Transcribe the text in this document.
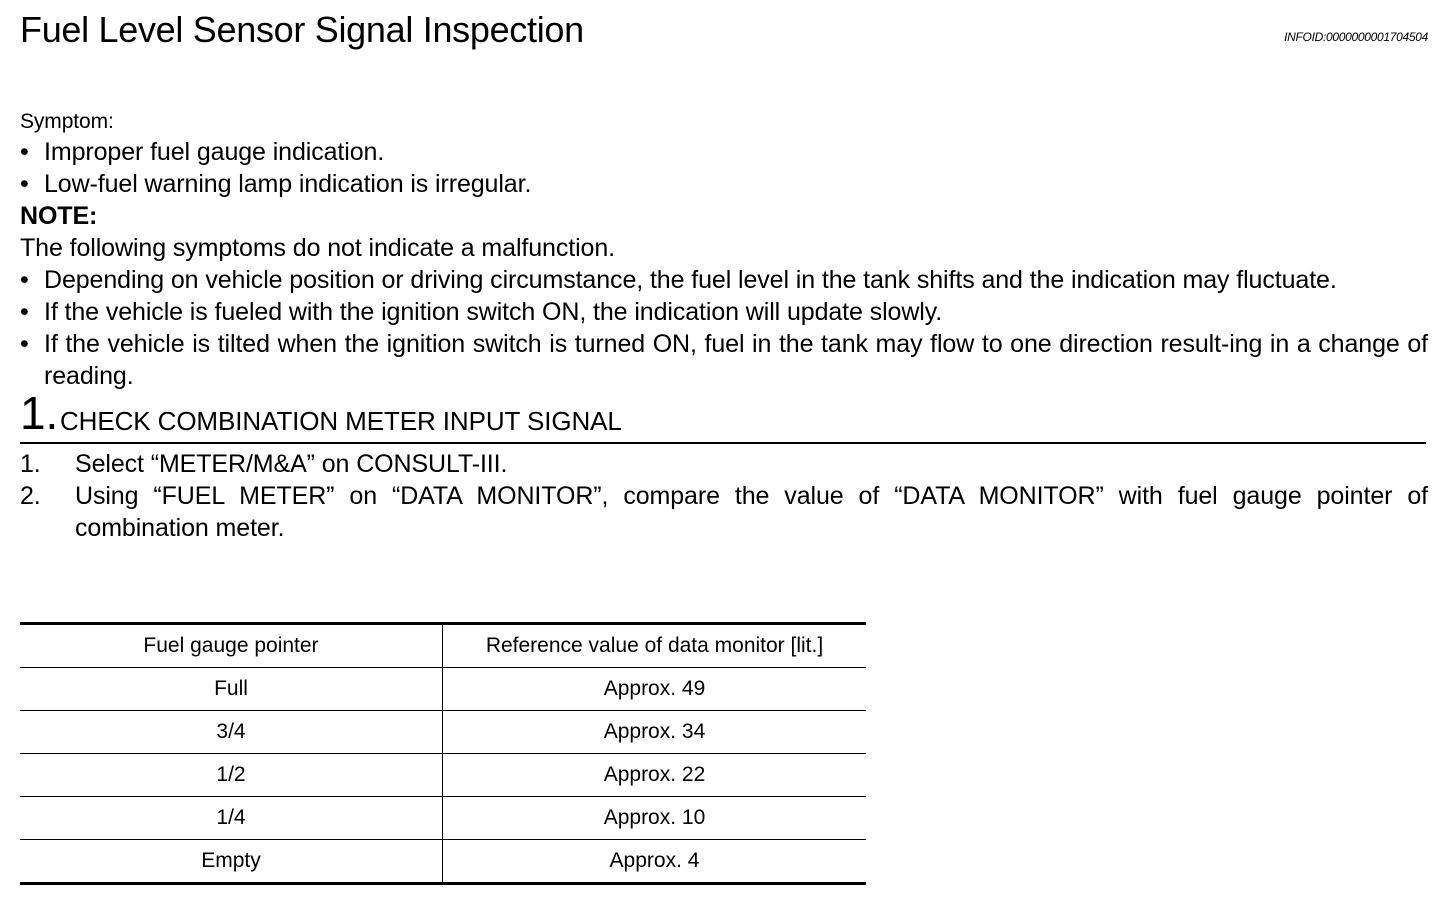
Fuel Level Sensor Signal Inspection	INFOID:0000000001704504
Symptom:
• Improper fuel gauge indication.
• Low-fuel warning lamp indication is irregular.
NOTE:
The following symptoms do not indicate a malfunction.
• Depending on vehicle position or driving circumstance, the fuel level in the tank shifts and the indication may fluctuate.
• If the vehicle is fueled with the ignition switch ON, the indication will update slowly.
• If the vehicle is tilted when the ignition switch is turned ON, fuel in the tank may flow to one direction result-ing in a change of reading.
1. CHECK COMBINATION METER INPUT SIGNAL
1. Select “METER/M&A” on CONSULT-III.
2. Using “FUEL METER” on “DATA MONITOR”, compare the value of “DATA MONITOR” with fuel gauge pointer of combination meter.
Fuel gauge pointer	Reference value of data monitor [lit.]
Full	Approx. 49
3/4	Approx. 34
1/2	Approx. 22
1/4	Approx. 10
Empty	Approx. 4
